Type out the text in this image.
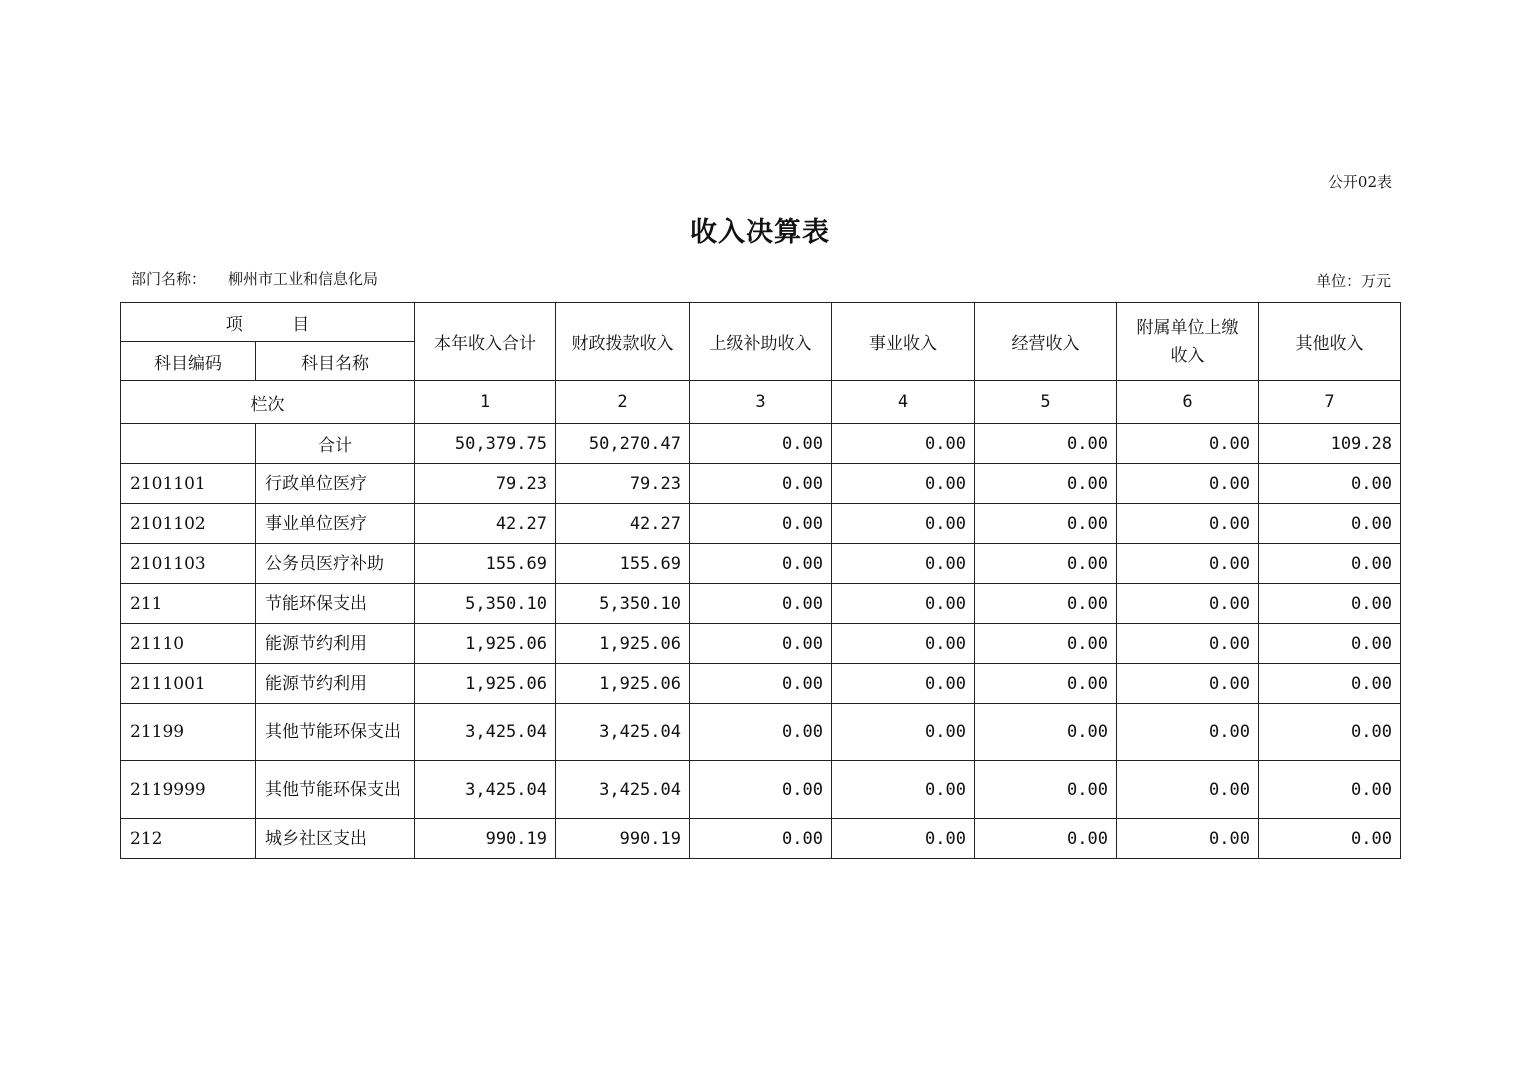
公开02表
收入决算表
部门名称： 柳州市工业和信息化局	单位：万元
项 目		本年收入合计	财政拨款收入	上级补助收入	事业收入	经营收入	附属单位上缴收入	其他收入
科目编码	科目名称							
栏次		1	2	3	4	5	6	7
	合计	50,379.75	50,270.47	0.00	0.00	0.00	0.00	109.28
2101101	行政单位医疗	79.23	79.23	0.00	0.00	0.00	0.00	0.00
2101102	事业单位医疗	42.27	42.27	0.00	0.00	0.00	0.00	0.00
2101103	公务员医疗补助	155.69	155.69	0.00	0.00	0.00	0.00	0.00
211	节能环保支出	5,350.10	5,350.10	0.00	0.00	0.00	0.00	0.00
21110	能源节约利用	1,925.06	1,925.06	0.00	0.00	0.00	0.00	0.00
2111001	能源节约利用	1,925.06	1,925.06	0.00	0.00	0.00	0.00	0.00
21199	其他节能环保支出	3,425.04	3,425.04	0.00	0.00	0.00	0.00	0.00
2119999	其他节能环保支出	3,425.04	3,425.04	0.00	0.00	0.00	0.00	0.00
212	城乡社区支出	990.19	990.19	0.00	0.00	0.00	0.00	0.00
